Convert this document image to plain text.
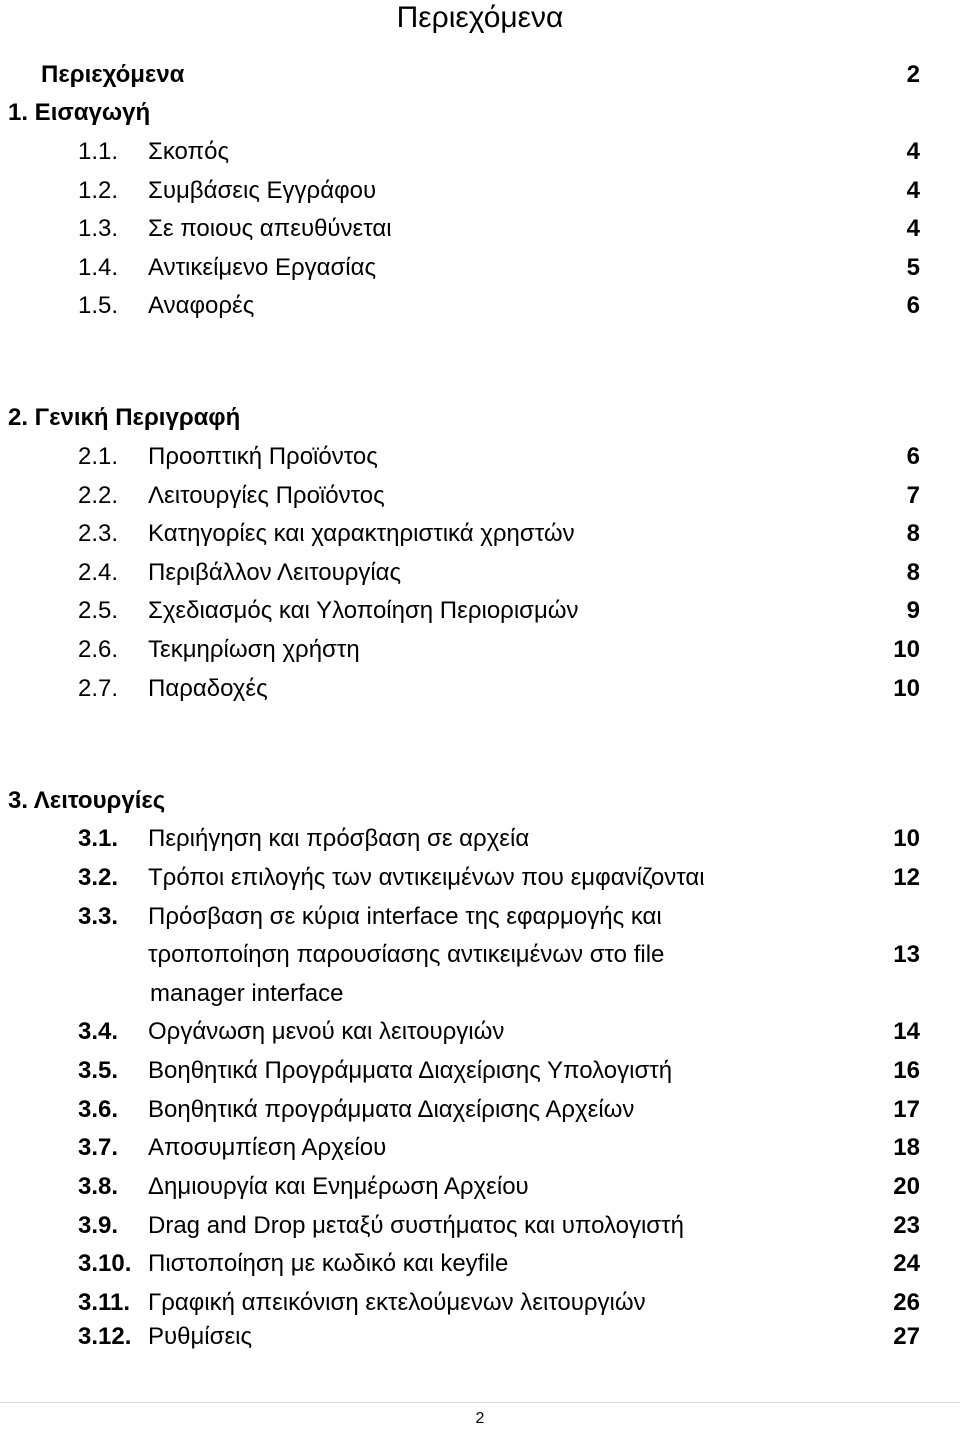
Περιεχόμενα
Περιεχόμενα	2
1. Εισαγωγή
1.1. Σκοπός	4
1.2. Συμβάσεις Εγγράφου	4
1.3. Σε ποιους απευθύνεται	4
1.4. Αντικείμενο Εργασίας	5
1.5. Αναφορές	6
2. Γενική Περιγραφή
2.1. Προοπτική Προϊόντος	6
2.2. Λειτουργίες Προϊόντος	7
2.3. Κατηγορίες και χαρακτηριστικά χρηστών	8
2.4. Περιβάλλον Λειτουργίας	8
2.5. Σχεδιασμός και Υλοποίηση Περιορισμών	9
2.6. Τεκμηρίωση χρήστη	10
2.7. Παραδοχές	10
3. Λειτουργίες
3.1. Περιήγηση και πρόσβαση σε αρχεία	10
3.2. Τρόποι επιλογής των αντικειμένων που εμφανίζονται	12
3.3. Πρόσβαση σε κύρια interface της εφαρμογής και
τροποποίηση παρουσίασης αντικειμένων στο file	13
manager interface
3.4. Οργάνωση μενού και λειτουργιών	14
3.5. Βοηθητικά Προγράμματα Διαχείρισης Υπολογιστή	16
3.6. Βοηθητικά προγράμματα Διαχείρισης Αρχείων	17
3.7. Αποσυμπίεση Αρχείου	18
3.8. Δημιουργία και Ενημέρωση Αρχείου	20
3.9. Drag and Drop μεταξύ συστήματος και υπολογιστή	23
3.10. Πιστοποίηση με κωδικό και keyfile	24
3.11. Γραφική απεικόνιση εκτελούμενων λειτουργιών	26
3.12. Ρυθμίσεις	27
2
